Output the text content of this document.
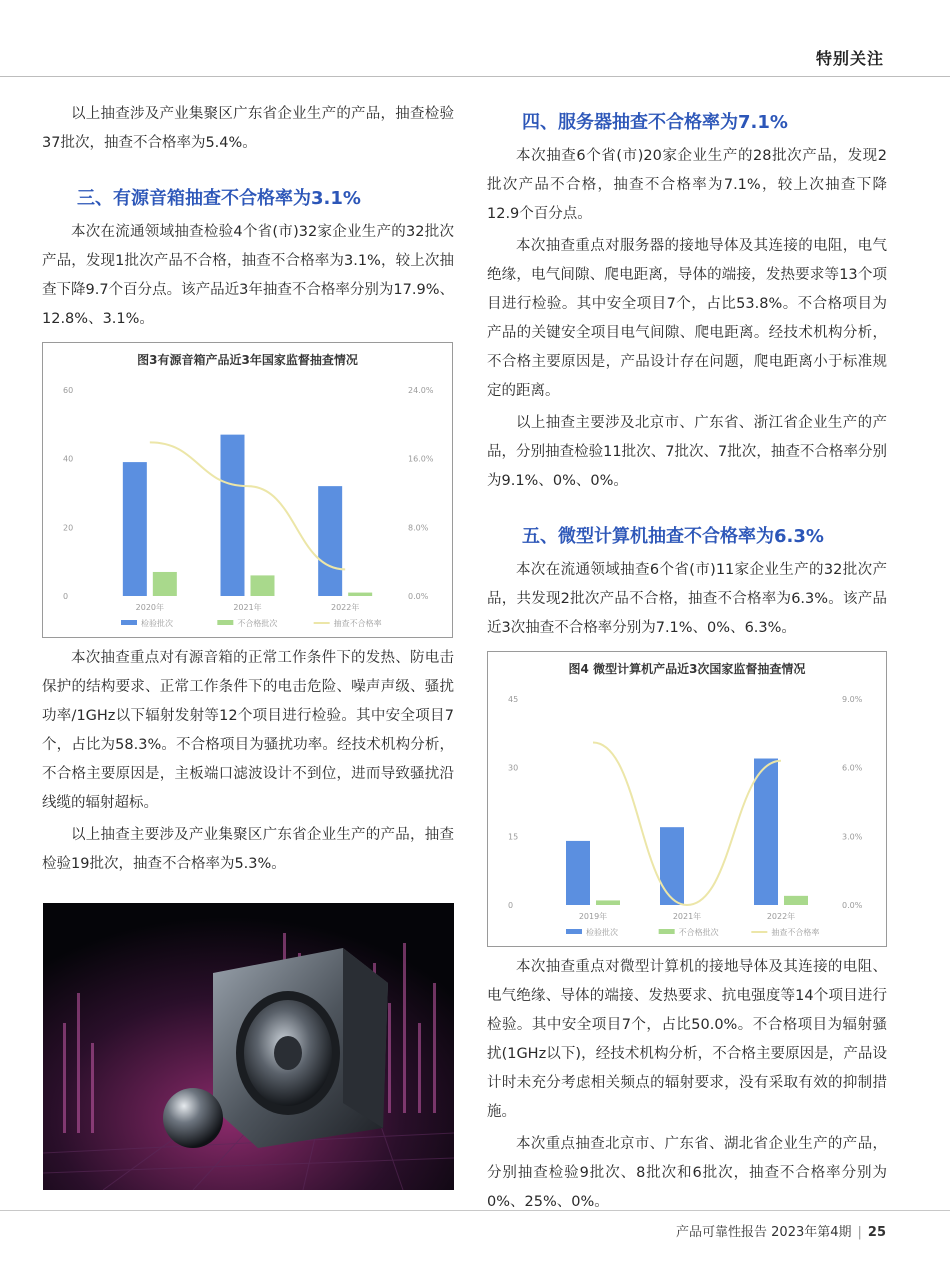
特别关注

以上抽查涉及产业集聚区广东省企业生产的产品，抽查检验37批次，抽查不合格率为5.4%。

三、有源音箱抽查不合格率为3.1%

本次在流通领域抽查检验4个省(市)32家企业生产的32批次产品，发现1批次产品不合格，抽查不合格率为3.1%，较上次抽查下降9.7个百分点。该产品近3年抽查不合格率分别为17.9%、12.8%、3.1%。

图3有源音箱产品近3年国家监督抽查情况
0
20
40
60
0.0%
8.0%
16.0%
24.0%
2020年	2021年	2022年
检验批次	不合格批次	抽查不合格率

本次抽查重点对有源音箱的正常工作条件下的发热、防电击保护的结构要求、正常工作条件下的电击危险、噪声声级、骚扰功率/1GHz以下辐射发射等12个项目进行检验。其中安全项目7个，占比为58.3%。不合格项目为骚扰功率。经技术机构分析，不合格主要原因是，主板端口滤波设计不到位，进而导致骚扰沿线缆的辐射超标。

以上抽查主要涉及产业集聚区广东省企业生产的产品，抽查检验19批次，抽查不合格率为5.3%。

四、服务器抽查不合格率为7.1%

本次抽查6个省(市)20家企业生产的28批次产品，发现2批次产品不合格，抽查不合格率为7.1%，较上次抽查下降12.9个百分点。

本次抽查重点对服务器的接地导体及其连接的电阻，电气绝缘，电气间隙、爬电距离，导体的端接，发热要求等13个项目进行检验。其中安全项目7个，占比53.8%。不合格项目为产品的关键安全项目电气间隙、爬电距离。经技术机构分析，不合格主要原因是，产品设计存在问题，爬电距离小于标准规定的距离。

以上抽查主要涉及北京市、广东省、浙江省企业生产的产品，分别抽查检验11批次、7批次、7批次，抽查不合格率分别为9.1%、0%、0%。

五、微型计算机抽查不合格率为6.3%

本次在流通领域抽查6个省(市)11家企业生产的32批次产品，共发现2批次产品不合格，抽查不合格率为6.3%。该产品近3次抽查不合格率分别为7.1%、0%、6.3%。

图4 微型计算机产品近3次国家监督抽查情况
0
15
30
45
0.0%
3.0%
6.0%
9.0%
2019年	2021年	2022年
检验批次	不合格批次	抽查不合格率

本次抽查重点对微型计算机的接地导体及其连接的电阻、电气绝缘、导体的端接、发热要求、抗电强度等14个项目进行检验。其中安全项目7个，占比50.0%。不合格项目为辐射骚扰(1GHz以下)，经技术机构分析，不合格主要原因是，产品设计时未充分考虑相关频点的辐射要求，没有采取有效的抑制措施。

本次重点抽查北京市、广东省、湖北省企业生产的产品，分别抽查检验9批次、8批次和6批次，抽查不合格率分别为0%、25%、0%。

产品可靠性报告 2023年第4期 | 25
